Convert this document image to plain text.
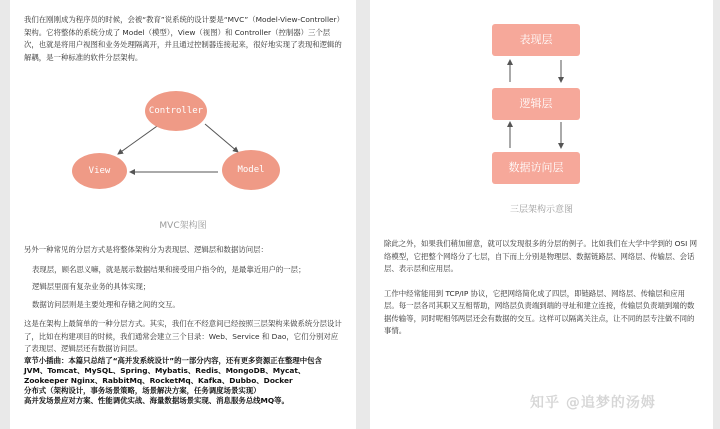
我们在刚刚成为程序员的时候，会被“教育”说系统的设计要是“MVC”（Model-View-Controller）架构。它将整体的系统分成了 Model（模型），View（视图）和 Controller（控制器）三个层次，也就是将用户视图和业务处理隔离开，并且通过控制器连接起来，很好地实现了表现和逻辑的解耦，是一种标准的软件分层架构。

Controller
View	Model
MVC架构图

另外一种常见的分层方式是将整体架构分为表现层、逻辑层和数据访问层：

表现层，顾名思义嘛，就是展示数据结果和接受用户指令的，是最靠近用户的一层；

逻辑层里面有复杂业务的具体实现；

数据访问层则是主要处理和存储之间的交互。

这是在架构上最简单的一种分层方式。其实，我们在不经意间已经按照三层架构来做系统分层设计了，比如在构建项目的时候，我们通常会建立三个目录：Web、Service 和 Dao，它们分别对应了表现层、逻辑层还有数据访问层。

章节小插曲：本篇只总结了“高并发系统设计”的一部分内容，还有更多资源正在整理中包含JVM、Tomcat、MySQL、Spring、Mybatis、Redis、MongoDB、Mycat、Zookeeper Nginx、RabbitMq、RocketMq、Kafka、Dubbo、Docker

分布式（架构设计，事务场景策略，场景解决方案，任务调度场景实现）

高并发场景应对方案、性能调优实战、海量数据场景实现、消息服务总线MQ等。

表现层
逻辑层
数据访问层
三层架构示意图

除此之外，如果我们稍加留意，就可以发现很多的分层的例子。比如我们在大学中学到的 OSI 网络模型，它把整个网络分了七层，自下而上分别是物理层、数据链路层、网络层、传输层、会话层、表示层和应用层。

工作中经常能用到 TCP/IP 协议，它把网络简化成了四层，即链路层、网络层、传输层和应用层。每一层各司其职又互相帮助，网络层负责端到端的寻址和建立连接，传输层负责端到端的数据传输等，同时呢相邻两层还会有数据的交互。这样可以隔离关注点，让不同的层专注做不同的事情。

知乎 @追梦的汤姆
